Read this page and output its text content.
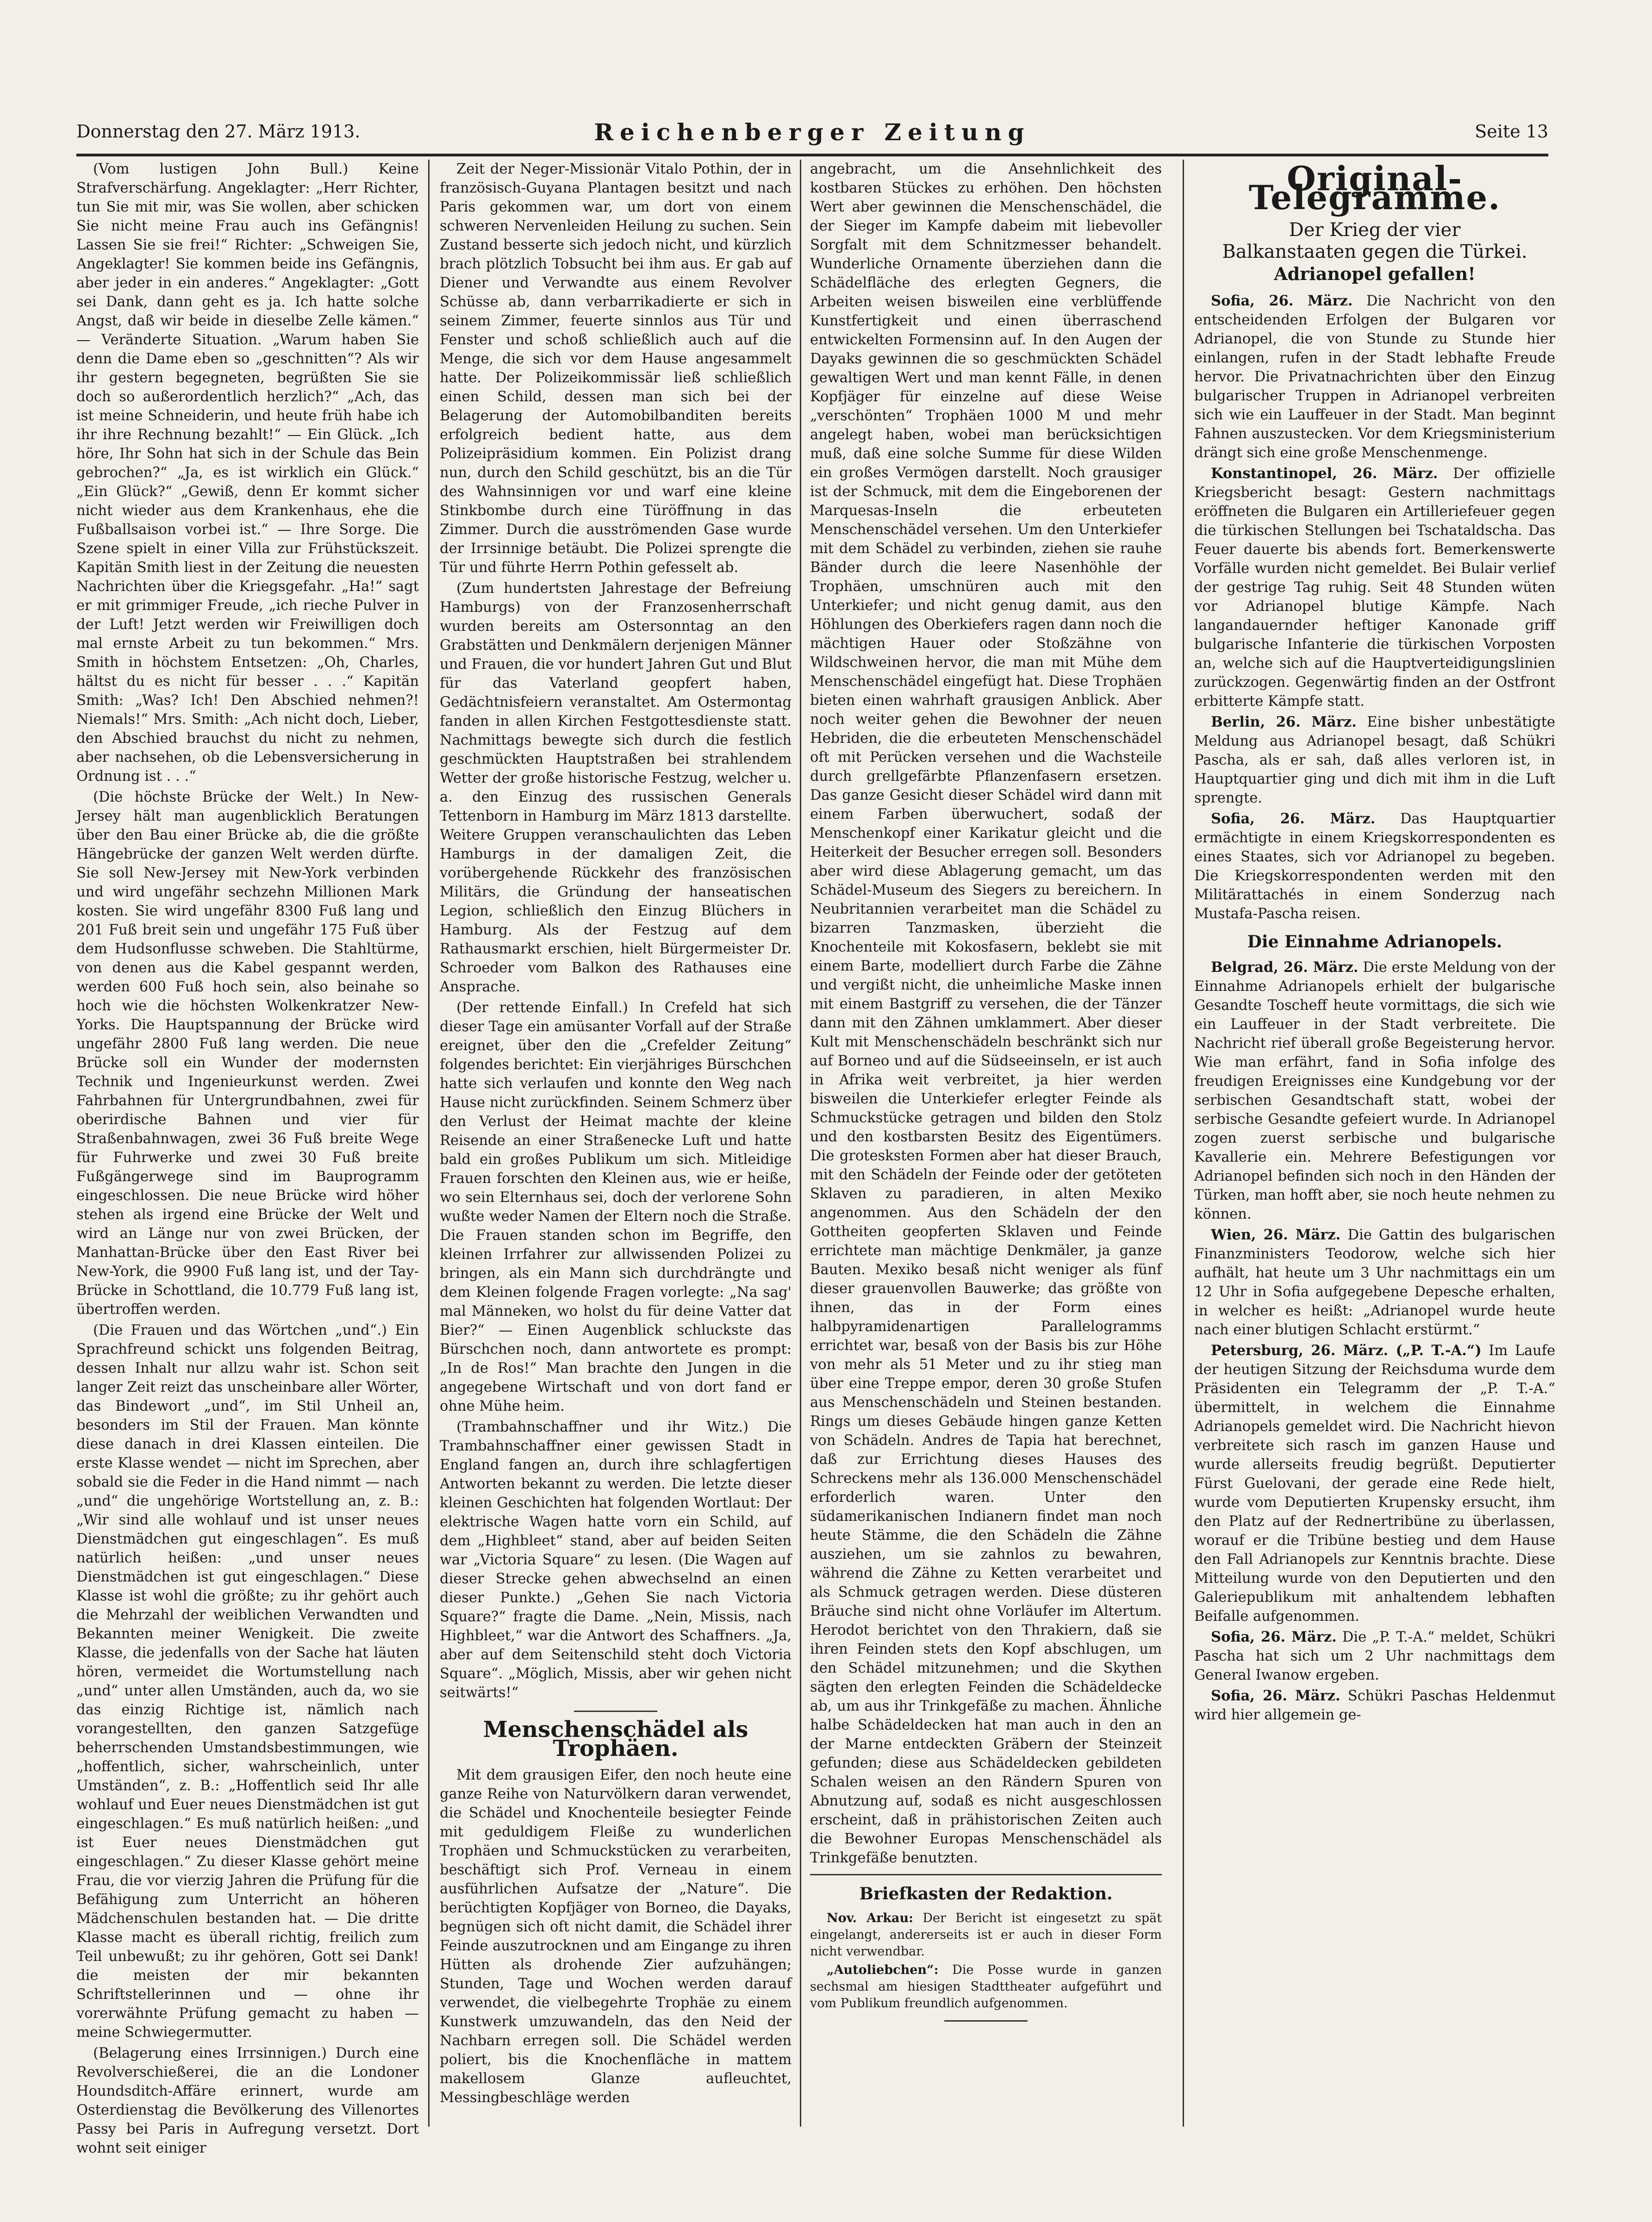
Donnerstag den 27. März 1913.	Reichenberger Zeitung	Seite 13

(Vom lustigen John Bull.) Keine Strafverschärfung. Angeklagter: „Herr Richter, tun Sie mit mir, was Sie wollen, aber schicken Sie nicht meine Frau auch ins Gefängnis! Lassen Sie sie frei!“ Richter: „Schweigen Sie, Angeklagter! Sie kommen beide ins Gefängnis, aber jeder in ein anderes.“ Angeklagter: „Gott sei Dank, dann geht es ja. Ich hatte solche Angst, daß wir beide in dieselbe Zelle kämen.“ — Veränderte Situation. „Warum haben Sie denn die Dame eben so „geschnitten“? Als wir ihr gestern begegneten, begrüßten Sie sie doch so außerordentlich herzlich?“ „Ach, das ist meine Schneiderin, und heute früh habe ich ihr ihre Rechnung bezahlt!“ — Ein Glück. „Ich höre, Ihr Sohn hat sich in der Schule das Bein gebrochen?“ „Ja, es ist wirklich ein Glück.“ „Ein Glück?“ „Gewiß, denn Er kommt sicher nicht wieder aus dem Krankenhaus, ehe die Fußballsaison vorbei ist.“ — Ihre Sorge. Die Szene spielt in einer Villa zur Frühstückszeit. Kapitän Smith liest in der Zeitung die neuesten Nachrichten über die Kriegsgefahr. „Ha!“ sagt er mit grimmiger Freude, „ich rieche Pulver in der Luft! Jetzt werden wir Freiwilligen doch mal ernste Arbeit zu tun bekommen.“ Mrs. Smith in höchstem Entsetzen: „Oh, Charles, hältst du es nicht für besser . . .“ Kapitän Smith: „Was? Ich! Den Abschied nehmen?! Niemals!“ Mrs. Smith: „Ach nicht doch, Lieber, den Abschied brauchst du nicht zu nehmen, aber nachsehen, ob die Lebensversicherung in Ordnung ist . . .“

(Die höchste Brücke der Welt.) In New-Jersey hält man augenblicklich Beratungen über den Bau einer Brücke ab, die die größte Hängebrücke der ganzen Welt werden dürfte. Sie soll New-Jersey mit New-York verbinden und wird ungefähr sechzehn Millionen Mark kosten. Sie wird ungefähr 8300 Fuß lang und 201 Fuß breit sein und ungefähr 175 Fuß über dem Hudsonflusse schweben. Die Stahltürme, von denen aus die Kabel gespannt werden, werden 600 Fuß hoch sein, also beinahe so hoch wie die höchsten Wolkenkratzer New-Yorks. Die Hauptspannung der Brücke wird ungefähr 2800 Fuß lang werden. Die neue Brücke soll ein Wunder der modernsten Technik und Ingenieurkunst werden. Zwei Fahrbahnen für Untergrundbahnen, zwei für oberirdische Bahnen und vier für Straßenbahnwagen, zwei 36 Fuß breite Wege für Fuhrwerke und zwei 30 Fuß breite Fußgängerwege sind im Bauprogramm eingeschlossen. Die neue Brücke wird höher stehen als irgend eine Brücke der Welt und wird an Länge nur von zwei Brücken, der Manhattan-Brücke über den East River bei New-York, die 9900 Fuß lang ist, und der Tay-Brücke in Schottland, die 10.779 Fuß lang ist, übertroffen werden.

(Die Frauen und das Wörtchen „und“.) Ein Sprachfreund schickt uns folgenden Beitrag, dessen Inhalt nur allzu wahr ist. Schon seit langer Zeit reizt das unscheinbare aller Wörter, das Bindewort „und“, im Stil Unheil an, besonders im Stil der Frauen. Man könnte diese danach in drei Klassen einteilen. Die erste Klasse wendet — nicht im Sprechen, aber sobald sie die Feder in die Hand nimmt — nach „und“ die ungehörige Wortstellung an, z. B.: „Wir sind alle wohlauf und ist unser neues Dienstmädchen gut eingeschlagen“. Es muß natürlich heißen: „und unser neues Dienstmädchen ist gut eingeschlagen.“ Diese Klasse ist wohl die größte; zu ihr gehört auch die Mehrzahl der weiblichen Verwandten und Bekannten meiner Wenigkeit. Die zweite Klasse, die jedenfalls von der Sache hat läuten hören, vermeidet die Wortumstellung nach „und“ unter allen Umständen, auch da, wo sie das einzig Richtige ist, nämlich nach vorangestellten, den ganzen Satzgefüge beherrschenden Umstandsbestimmungen, wie „hoffentlich, sicher, wahrscheinlich, unter Umständen“, z. B.: „Hoffentlich seid Ihr alle wohlauf und Euer neues Dienstmädchen ist gut eingeschlagen.“ Es muß natürlich heißen: „und ist Euer neues Dienstmädchen gut eingeschlagen.“ Zu dieser Klasse gehört meine Frau, die vor vierzig Jahren die Prüfung für die Befähigung zum Unterricht an höheren Mädchenschulen bestanden hat. — Die dritte Klasse macht es überall richtig, freilich zum Teil unbewußt; zu ihr gehören, Gott sei Dank! die meisten der mir bekannten Schriftstellerinnen und — ohne ihr vorerwähnte Prüfung gemacht zu haben — meine Schwiegermutter.

(Belagerung eines Irrsinnigen.) Durch eine Revolverschießerei, die an die Londoner Houndsditch-Affäre erinnert, wurde am Osterdienstag die Bevölkerung des Villenortes Passy bei Paris in Aufregung versetzt. Dort wohnt seit einiger

Zeit der Neger-Missionär Vitalo Pothin, der in französisch-Guyana Plantagen besitzt und nach Paris gekommen war, um dort von einem schweren Nervenleiden Heilung zu suchen. Sein Zustand besserte sich jedoch nicht, und kürzlich brach plötzlich Tobsucht bei ihm aus. Er gab auf Diener und Verwandte aus einem Revolver Schüsse ab, dann verbarrikadierte er sich in seinem Zimmer, feuerte sinnlos aus Tür und Fenster und schoß schließlich auch auf die Menge, die sich vor dem Hause angesammelt hatte. Der Polizeikommissär ließ schließlich einen Schild, dessen man sich bei der Belagerung der Automobilbanditen bereits erfolgreich bedient hatte, aus dem Polizeipräsidium kommen. Ein Polizist drang nun, durch den Schild geschützt, bis an die Tür des Wahnsinnigen vor und warf eine kleine Stinkbombe durch eine Türöffnung in das Zimmer. Durch die ausströmenden Gase wurde der Irrsinnige betäubt. Die Polizei sprengte die Tür und führte Herrn Pothin gefesselt ab.

(Zum hundertsten Jahrestage der Befreiung Hamburgs) von der Franzosenherrschaft wurden bereits am Ostersonntag an den Grabstätten und Denkmälern derjenigen Männer und Frauen, die vor hundert Jahren Gut und Blut für das Vaterland geopfert haben, Gedächtnisfeiern veranstaltet. Am Ostermontag fanden in allen Kirchen Festgottesdienste statt. Nachmittags bewegte sich durch die festlich geschmückten Hauptstraßen bei strahlendem Wetter der große historische Festzug, welcher u. a. den Einzug des russischen Generals Tettenborn in Hamburg im März 1813 darstellte. Weitere Gruppen veranschaulichten das Leben Hamburgs in der damaligen Zeit, die vorübergehende Rückkehr des französischen Militärs, die Gründung der hanseatischen Legion, schließlich den Einzug Blüchers in Hamburg. Als der Festzug auf dem Rathausmarkt erschien, hielt Bürgermeister Dr. Schroeder vom Balkon des Rathauses eine Ansprache.

(Der rettende Einfall.) In Crefeld hat sich dieser Tage ein amüsanter Vorfall auf der Straße ereignet, über den die „Crefelder Zeitung“ folgendes berichtet: Ein vierjähriges Bürschchen hatte sich verlaufen und konnte den Weg nach Hause nicht zurückfinden. Seinem Schmerz über den Verlust der Heimat machte der kleine Reisende an einer Straßenecke Luft und hatte bald ein großes Publikum um sich. Mitleidige Frauen forschten den Kleinen aus, wie er heiße, wo sein Elternhaus sei, doch der verlorene Sohn wußte weder Namen der Eltern noch die Straße. Die Frauen standen schon im Begriffe, den kleinen Irrfahrer zur allwissenden Polizei zu bringen, als ein Mann sich durchdrängte und dem Kleinen folgende Fragen vorlegte: „Na sag' mal Männeken, wo holst du für deine Vatter dat Bier?“ — Einen Augenblick schluckste das Bürschchen noch, dann antwortete es prompt: „In de Ros!“ Man brachte den Jungen in die angegebene Wirtschaft und von dort fand er ohne Mühe heim.

(Trambahnschaffner und ihr Witz.) Die Trambahnschaffner einer gewissen Stadt in England fangen an, durch ihre schlagfertigen Antworten bekannt zu werden. Die letzte dieser kleinen Geschichten hat folgenden Wortlaut: Der elektrische Wagen hatte vorn ein Schild, auf dem „Highbleet“ stand, aber auf beiden Seiten war „Victoria Square“ zu lesen. (Die Wagen auf dieser Strecke gehen abwechselnd an einen dieser Punkte.) „Gehen Sie nach Victoria Square?“ fragte die Dame. „Nein, Missis, nach Highbleet,“ war die Antwort des Schaffners. „Ja, aber auf dem Seitenschild steht doch Victoria Square“. „Möglich, Missis, aber wir gehen nicht seitwärts!“

Menschenschädel als Trophäen.

Mit dem grausigen Eifer, den noch heute eine ganze Reihe von Naturvölkern daran verwendet, die Schädel und Knochenteile besiegter Feinde mit geduldigem Fleiße zu wunderlichen Trophäen und Schmuckstücken zu verarbeiten, beschäftigt sich Prof. Verneau in einem ausführlichen Aufsatze der „Nature“. Die berüchtigten Kopfjäger von Borneo, die Dayaks, begnügen sich oft nicht damit, die Schädel ihrer Feinde auszutrocknen und am Eingange zu ihren Hütten als drohende Zier aufzuhängen; Stunden, Tage und Wochen werden darauf verwendet, die vielbegehrte Trophäe zu einem Kunstwerk umzuwandeln, das den Neid der Nachbarn erregen soll. Die Schädel werden poliert, bis die Knochenfläche in mattem makellosem Glanze aufleuchtet, Messingbeschläge werden

angebracht, um die Ansehnlichkeit des kostbaren Stückes zu erhöhen. Den höchsten Wert aber gewinnen die Menschenschädel, die der Sieger im Kampfe dabeim mit liebevoller Sorgfalt mit dem Schnitzmesser behandelt. Wunderliche Ornamente überziehen dann die Schädelfläche des erlegten Gegners, die Arbeiten weisen bisweilen eine verblüffende Kunstfertigkeit und einen überraschend entwickelten Formensinn auf. In den Augen der Dayaks gewinnen die so geschmückten Schädel gewaltigen Wert und man kennt Fälle, in denen Kopfjäger für einzelne auf diese Weise „verschönten“ Trophäen 1000 M und mehr angelegt haben, wobei man berücksichtigen muß, daß eine solche Summe für diese Wilden ein großes Vermögen darstellt. Noch grausiger ist der Schmuck, mit dem die Eingeborenen der Marquesas-Inseln die erbeuteten Menschenschädel versehen. Um den Unterkiefer mit dem Schädel zu verbinden, ziehen sie rauhe Bänder durch die leere Nasenhöhle der Trophäen, umschnüren auch mit den Unterkiefer; und nicht genug damit, aus den Höhlungen des Oberkiefers ragen dann noch die mächtigen Hauer oder Stoßzähne von Wildschweinen hervor, die man mit Mühe dem Menschenschädel eingefügt hat. Diese Trophäen bieten einen wahrhaft grausigen Anblick. Aber noch weiter gehen die Bewohner der neuen Hebriden, die die erbeuteten Menschenschädel oft mit Perücken versehen und die Wachsteile durch grellgefärbte Pflanzenfasern ersetzen. Das ganze Gesicht dieser Schädel wird dann mit einem Farben überwuchert, sodaß der Menschenkopf einer Karikatur gleicht und die Heiterkeit der Besucher erregen soll. Besonders aber wird diese Ablagerung gemacht, um das Schädel-Museum des Siegers zu bereichern. In Neubritannien verarbeitet man die Schädel zu bizarren Tanzmasken, überzieht die Knochenteile mit Kokosfasern, beklebt sie mit einem Barte, modelliert durch Farbe die Zähne und vergißt nicht, die unheimliche Maske innen mit einem Bastgriff zu versehen, die der Tänzer dann mit den Zähnen umklammert. Aber dieser Kult mit Menschenschädeln beschränkt sich nur auf Borneo und auf die Südseeinseln, er ist auch in Afrika weit verbreitet, ja hier werden bisweilen die Unterkiefer erlegter Feinde als Schmuckstücke getragen und bilden den Stolz und den kostbarsten Besitz des Eigentümers. Die grotesksten Formen aber hat dieser Brauch, mit den Schädeln der Feinde oder der getöteten Sklaven zu paradieren, in alten Mexiko angenommen. Aus den Schädeln der den Gottheiten geopferten Sklaven und Feinde errichtete man mächtige Denkmäler, ja ganze Bauten. Mexiko besaß nicht weniger als fünf dieser grauenvollen Bauwerke; das größte von ihnen, das in der Form eines halbpyramidenartigen Parallelogramms errichtet war, besaß von der Basis bis zur Höhe von mehr als 51 Meter und zu ihr stieg man über eine Treppe empor, deren 30 große Stufen aus Menschenschädeln und Steinen bestanden. Rings um dieses Gebäude hingen ganze Ketten von Schädeln. Andres de Tapia hat berechnet, daß zur Errichtung dieses Hauses des Schreckens mehr als 136.000 Menschenschädel erforderlich waren. Unter den südamerikanischen Indianern findet man noch heute Stämme, die den Schädeln die Zähne ausziehen, um sie zahnlos zu bewahren, während die Zähne zu Ketten verarbeitet und als Schmuck getragen werden. Diese düsteren Bräuche sind nicht ohne Vorläufer im Altertum. Herodot berichtet von den Thrakiern, daß sie ihren Feinden stets den Kopf abschlugen, um den Schädel mitzunehmen; und die Skythen sägten den erlegten Feinden die Schädeldecke ab, um aus ihr Trinkgefäße zu machen. Ähnliche halbe Schädeldecken hat man auch in den an der Marne entdeckten Gräbern der Steinzeit gefunden; diese aus Schädeldecken gebildeten Schalen weisen an den Rändern Spuren von Abnutzung auf, sodaß es nicht ausgeschlossen erscheint, daß in prähistorischen Zeiten auch die Bewohner Europas Menschenschädel als Trinkgefäße benutzten.

Briefkasten der Redaktion.

Nov. Arkau: Der Bericht ist eingesetzt zu spät eingelangt, andererseits ist er auch in dieser Form nicht verwendbar.

„Autoliebchen“: Die Posse wurde in ganzen sechsmal am hiesigen Stadttheater aufgeführt und vom Publikum freundlich aufgenommen.

Original-Telegramme.
Der Krieg der vier
Balkanstaaten gegen die Türkei.
Adrianopel gefallen!

Sofia, 26. März. Die Nachricht von den entscheidenden Erfolgen der Bulgaren vor Adrianopel, die von Stunde zu Stunde hier einlangen, rufen in der Stadt lebhafte Freude hervor. Die Privatnachrichten über den Einzug bulgarischer Truppen in Adrianopel verbreiten sich wie ein Lauffeuer in der Stadt. Man beginnt Fahnen auszustecken. Vor dem Kriegsministerium drängt sich eine große Menschenmenge.

Konstantinopel, 26. März. Der offizielle Kriegsbericht besagt: Gestern nachmittags eröffneten die Bulgaren ein Artilleriefeuer gegen die türkischen Stellungen bei Tschataldscha. Das Feuer dauerte bis abends fort. Bemerkenswerte Vorfälle wurden nicht gemeldet. Bei Bulair verlief der gestrige Tag ruhig. Seit 48 Stunden wüten vor Adrianopel blutige Kämpfe. Nach langandauernder heftiger Kanonade griff bulgarische Infanterie die türkischen Vorposten an, welche sich auf die Hauptverteidigungslinien zurückzogen. Gegenwärtig finden an der Ostfront erbitterte Kämpfe statt.

Berlin, 26. März. Eine bisher unbestätigte Meldung aus Adrianopel besagt, daß Schükri Pascha, als er sah, daß alles verloren ist, in Hauptquartier ging und dich mit ihm in die Luft sprengte.

Sofia, 26. März. Das Hauptquartier ermächtigte in einem Kriegskorrespondenten es eines Staates, sich vor Adrianopel zu begeben. Die Kriegskorrespondenten werden mit den Militärattachés in einem Sonderzug nach Mustafa-Pascha reisen.

Die Einnahme Adrianopels.

Belgrad, 26. März. Die erste Meldung von der Einnahme Adrianopels erhielt der bulgarische Gesandte Toscheff heute vormittags, die sich wie ein Lauffeuer in der Stadt verbreitete. Die Nachricht rief überall große Begeisterung hervor. Wie man erfährt, fand in Sofia infolge des freudigen Ereignisses eine Kundgebung vor der serbischen Gesandtschaft statt, wobei der serbische Gesandte gefeiert wurde. In Adrianopel zogen zuerst serbische und bulgarische Kavallerie ein. Mehrere Befestigungen vor Adrianopel befinden sich noch in den Händen der Türken, man hofft aber, sie noch heute nehmen zu können.

Wien, 26. März. Die Gattin des bulgarischen Finanzministers Teodorow, welche sich hier aufhält, hat heute um 3 Uhr nachmittags ein um 12 Uhr in Sofia aufgegebene Depesche erhalten, in welcher es heißt: „Adrianopel wurde heute nach einer blutigen Schlacht erstürmt.“

Petersburg, 26. März. („P. T.-A.“) Im Laufe der heutigen Sitzung der Reichsduma wurde dem Präsidenten ein Telegramm der „P. T.-A.“ übermittelt, in welchem die Einnahme Adrianopels gemeldet wird. Die Nachricht hievon verbreitete sich rasch im ganzen Hause und wurde allerseits freudig begrüßt. Deputierter Fürst Guelovani, der gerade eine Rede hielt, wurde vom Deputierten Krupensky ersucht, ihm den Platz auf der Rednertribüne zu überlassen, worauf er die Tribüne bestieg und dem Hause den Fall Adrianopels zur Kenntnis brachte. Diese Mitteilung wurde von den Deputierten und den Galeriepublikum mit anhaltendem lebhaften Beifalle aufgenommen.

Sofia, 26. März. Die „P. T.-A.“ meldet, Schükri Pascha hat sich um 2 Uhr nachmittags dem General Iwanow ergeben.

Sofia, 26. März. Schükri Paschas Heldenmut wird hier allgemein ge-
